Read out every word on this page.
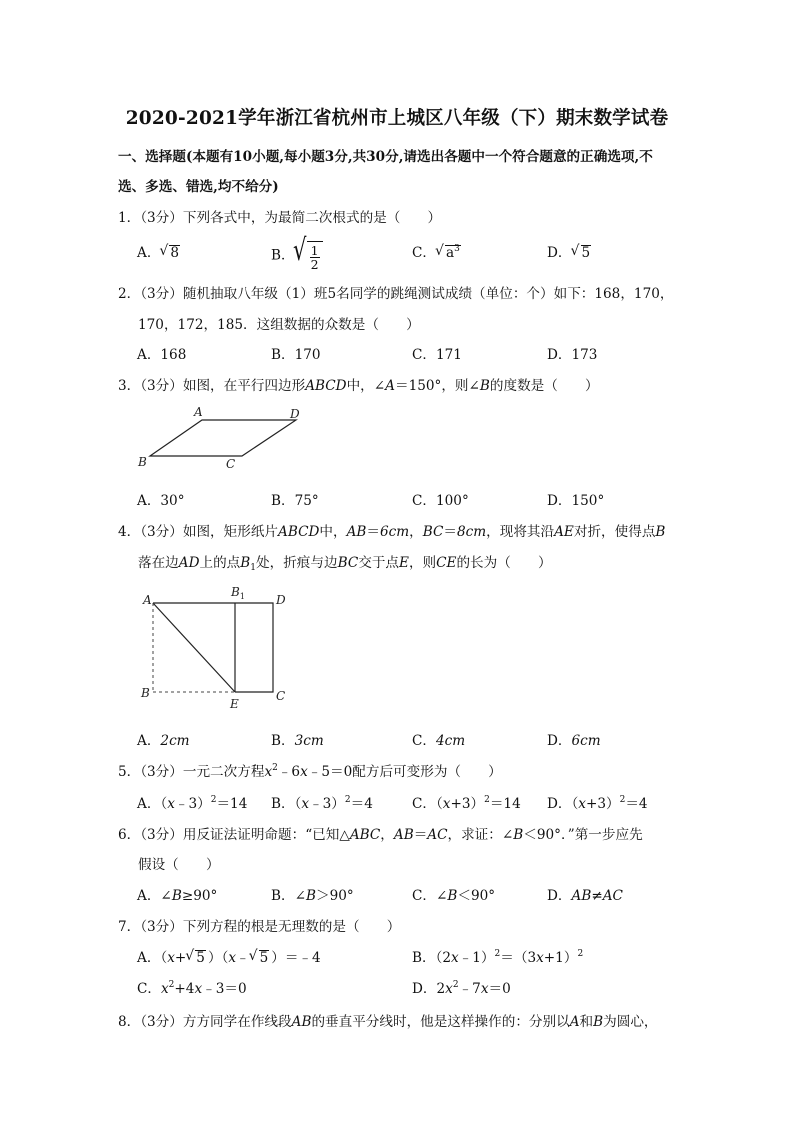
2020-2021学年浙江省杭州市上城区八年级（下）期末数学试卷
一、选择题(本题有10小题,每小题3分,共30分,请选出各题中一个符合题意的正确选项,不
选、多选、错选,均不给分)
1．（3分）下列各式中，为最简二次根式的是（　　）
A． √ 8	B．
√ $\frac{1}{2}$	C． √ $a^3$	D． √ 5
2．（3分）随机抽取八年级（1）班5名同学的跳绳测试成绩（单位：个）如下：168，170，
170，172，185．这组数据的众数是（　　）
A．168	B．170	C．171	D．173
3．（3分）如图，在平行四边形ABCD中，∠A＝150°，则∠B的度数是（　　）
A	D
B	C
A．30°	B．75°	C．100°	D．150°
4．（3分）如图，矩形纸片ABCD中，AB＝6cm，BC＝8cm，现将其沿AE对折，使得点B
落在边AD上的点$B_1$处，折痕与边BC交于点E，则CE的长为（　　）
A
$B_1$	D
B
E
C
A．2cm	B．3cm	C．4cm	D．6cm
5．（3分）一元二次方程$x^2﹣6x﹣5=0$配方后可变形为（　　）
A．（x﹣3）$^2$＝14 B．（x﹣3）$^2$＝4	C．$(x+3)^2=14$ D．$(x+3)^2=4$
6．（3分）用反证法证明命题：“已知△ABC，AB＝AC，求证：∠B＜90°．”第一步应先
假设（　　）
A．∠B≥90°	B．∠B＞90°	C．∠B＜90°	D．AB≠AC
7．（3分）下列方程的根是无理数的是（　　）
A．（x+ √ 5 ）（x﹣ √ 5 ）＝﹣4	B．$(2x﹣1)^2=(3x+1)^2$
C．$x^2+4x﹣3=0$	D．$2x^2﹣7x=0$
8．（3分）方方同学在作线段AB的垂直平分线时，他是这样操作的：分别以A和B为圆心，
